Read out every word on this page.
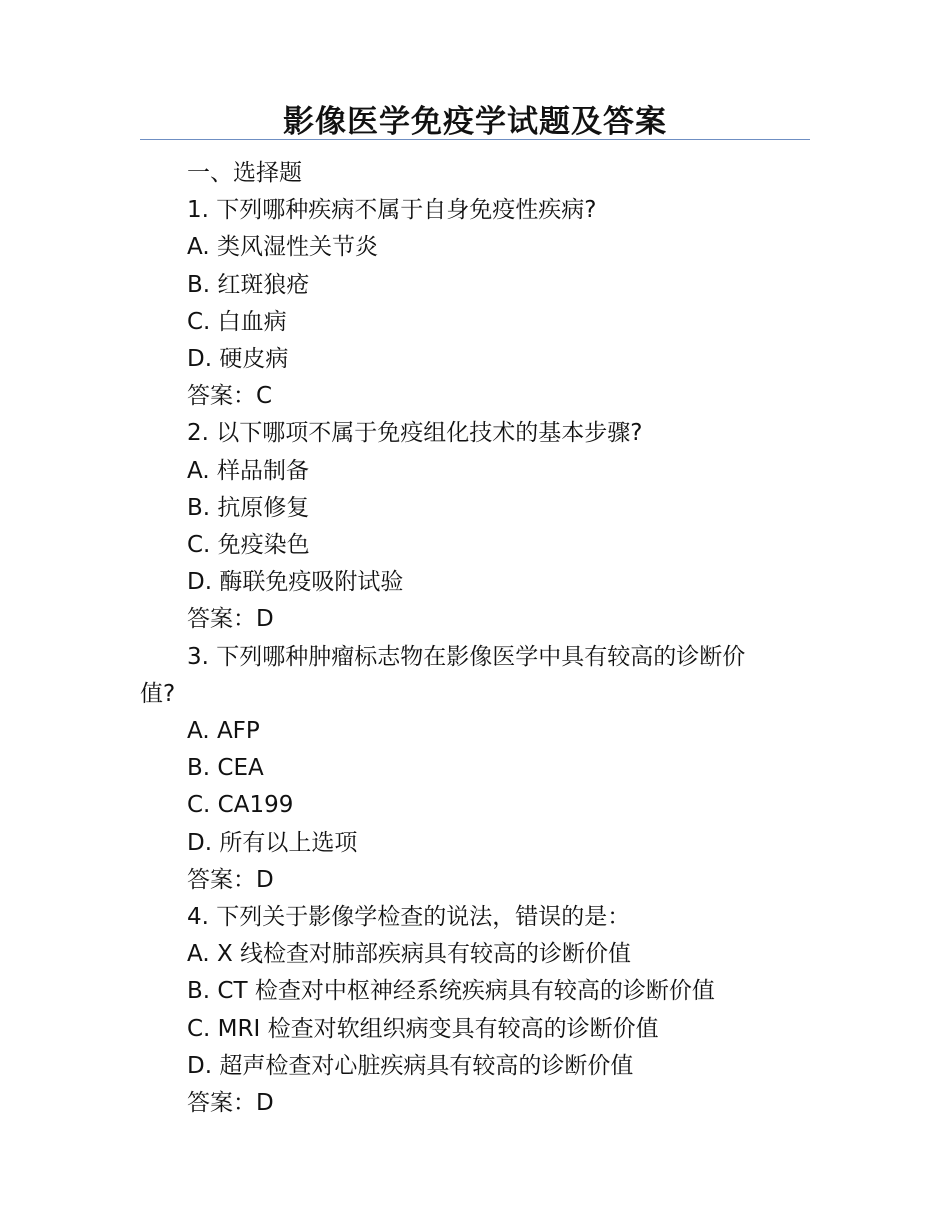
影像医学免疫学试题及答案
一、选择题
1. 下列哪种疾病不属于自身免疫性疾病?
A. 类风湿性关节炎
B. 红斑狼疮
C. 白血病
D. 硬皮病
答案：C
2. 以下哪项不属于免疫组化技术的基本步骤?
A. 样品制备
B. 抗原修复
C. 免疫染色
D. 酶联免疫吸附试验
答案：D
3. 下列哪种肿瘤标志物在影像医学中具有较高的诊断价
值?
A. AFP
B. CEA
C. CA199
D. 所有以上选项
答案：D
4. 下列关于影像学检查的说法，错误的是：
A. X 线检查对肺部疾病具有较高的诊断价值
B. CT 检查对中枢神经系统疾病具有较高的诊断价值
C. MRI 检查对软组织病变具有较高的诊断价值
D. 超声检查对心脏疾病具有较高的诊断价值
答案：D
